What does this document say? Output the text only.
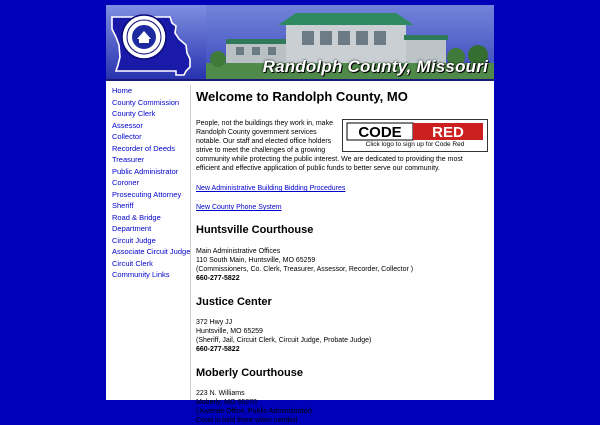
Randolph County, Missouri
Home
County Commission
County Clerk
Assessor
Collector
Recorder of Deeds
Treasurer
Public Administrator
Coroner
Prosecuting Attorney
Sheriff
Road & Bridge Department
Circuit Judge
Associate Circuit Judge
Circuit Clerk
Community Links
Welcome to Randolph County, MO
CODE RED
Click logo to sign up for Code Red

People, not the buildings they work in, make Randolph County government services notable. Our staff and elected office holders strive to meet the challenges of a growing community while protecting the public interest. We are dedicated to providing the most efficient and effective application of public funds to better serve our community.

New Administrative Building Bidding Procedures

New County Phone System

Huntsville Courthouse

Main Administrative Offices
110 South Main, Huntsville, MO 65259
(Commissioners, Co. Clerk, Treasurer, Assessor, Recorder, Collector )
660-277-5822

Justice Center

372 Hwy JJ
Huntsville, MO 65259
(Sheriff, Jail, Circuit Clerk, Circuit Judge, Probate Judge)
660-277-5822

Moberly Courthouse

223 N. Williams
Moberly, MO 65270
(Juvenile Office, Public Administrator)
Court is held there when needed
